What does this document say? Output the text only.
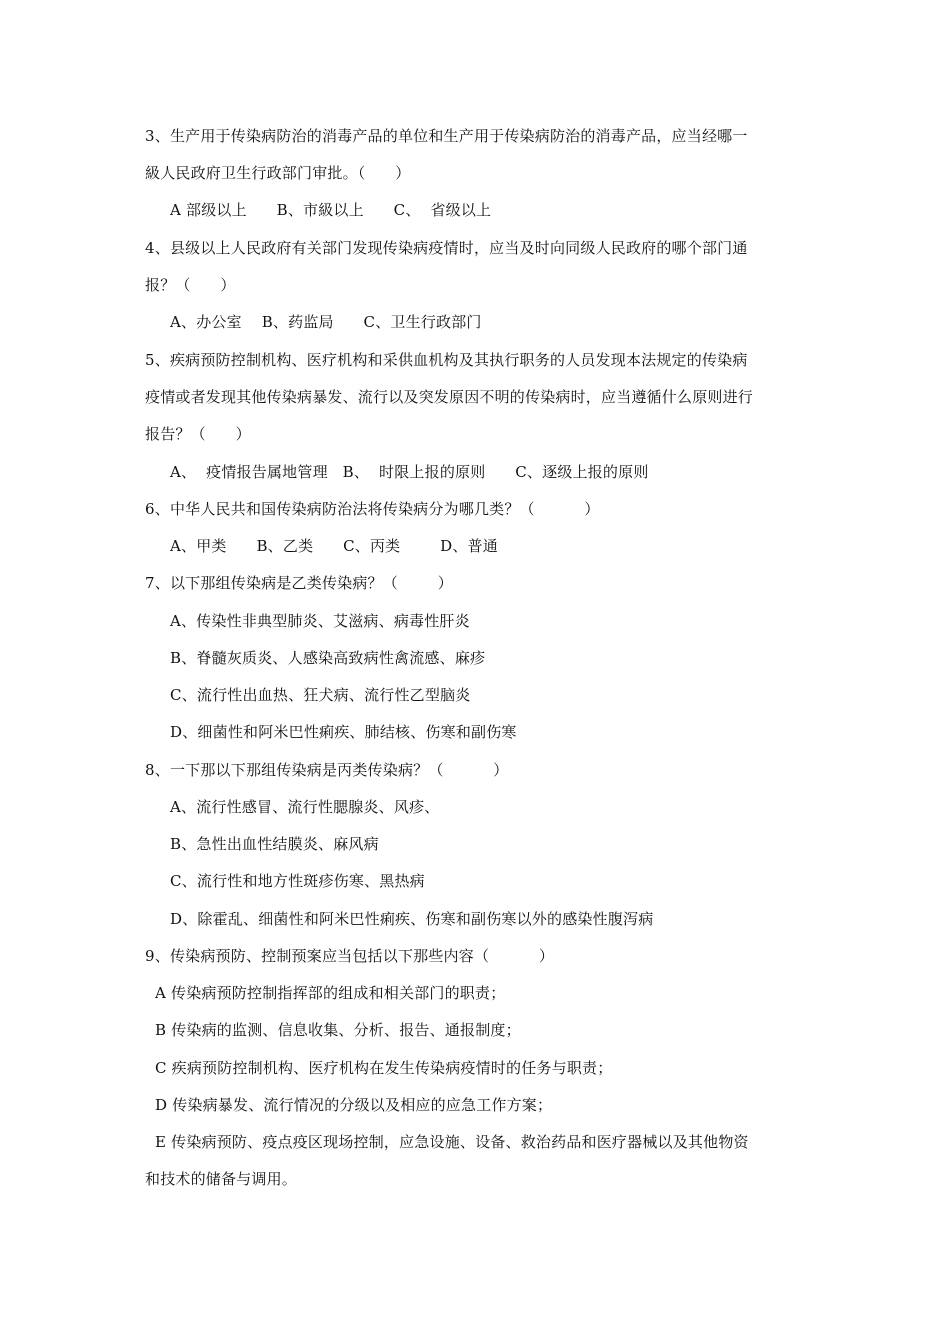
3、生产用于传染病防治的消毒产品的单位和生产用于传染病防治的消毒产品，应当经哪一
級人民政府卫生行政部门审批。（      ）
A 部级以上      B、市級以上      C、  省级以上
4、县级以上人民政府有关部门发现传染病疫情时，应当及时向同级人民政府的哪个部门通
报？（      ）
A、办公室    B、药监局      C、卫生行政部门
5、疾病预防控制机构、医疗机构和采供血机构及其执行职务的人员发现本法规定的传染病
疫情或者发现其他传染病暴发、流行以及突发原因不明的传染病时，应当遵循什么原则进行
报告？（      ）
A、  疫情报告属地管理   B、  时限上报的原则      C、逐级上报的原则
6、中华人民共和国传染病防治法将传染病分为哪几类？（          ）
A、甲类      B、乙类      C、丙类        D、普通
7、以下那组传染病是乙类传染病？（        ）
A、传染性非典型肺炎、艾滋病、病毒性肝炎
B、脊髓灰质炎、人感染高致病性禽流感、麻疹
C、流行性出血热、狂犬病、流行性乙型脑炎
D、细菌性和阿米巴性痢疾、肺结核、伤寒和副伤寒
8、一下那以下那组传染病是丙类传染病？（          ）
A、流行性感冒、流行性腮腺炎、风疹、
B、急性出血性结膜炎、麻风病
C、流行性和地方性斑疹伤寒、黑热病
D、除霍乱、细菌性和阿米巴性痢疾、伤寒和副伤寒以外的感染性腹泻病
9、传染病预防、控制预案应当包括以下那些内容（          ）
A 传染病预防控制指挥部的组成和相关部门的职责；
B 传染病的监测、信息收集、分析、报告、通报制度；
C 疾病预防控制机构、医疗机构在发生传染病疫情时的任务与职责；
D 传染病暴发、流行情况的分级以及相应的应急工作方案；
E 传染病预防、疫点疫区现场控制，应急设施、设备、救治药品和医疗器械以及其他物资
和技术的储备与调用。
